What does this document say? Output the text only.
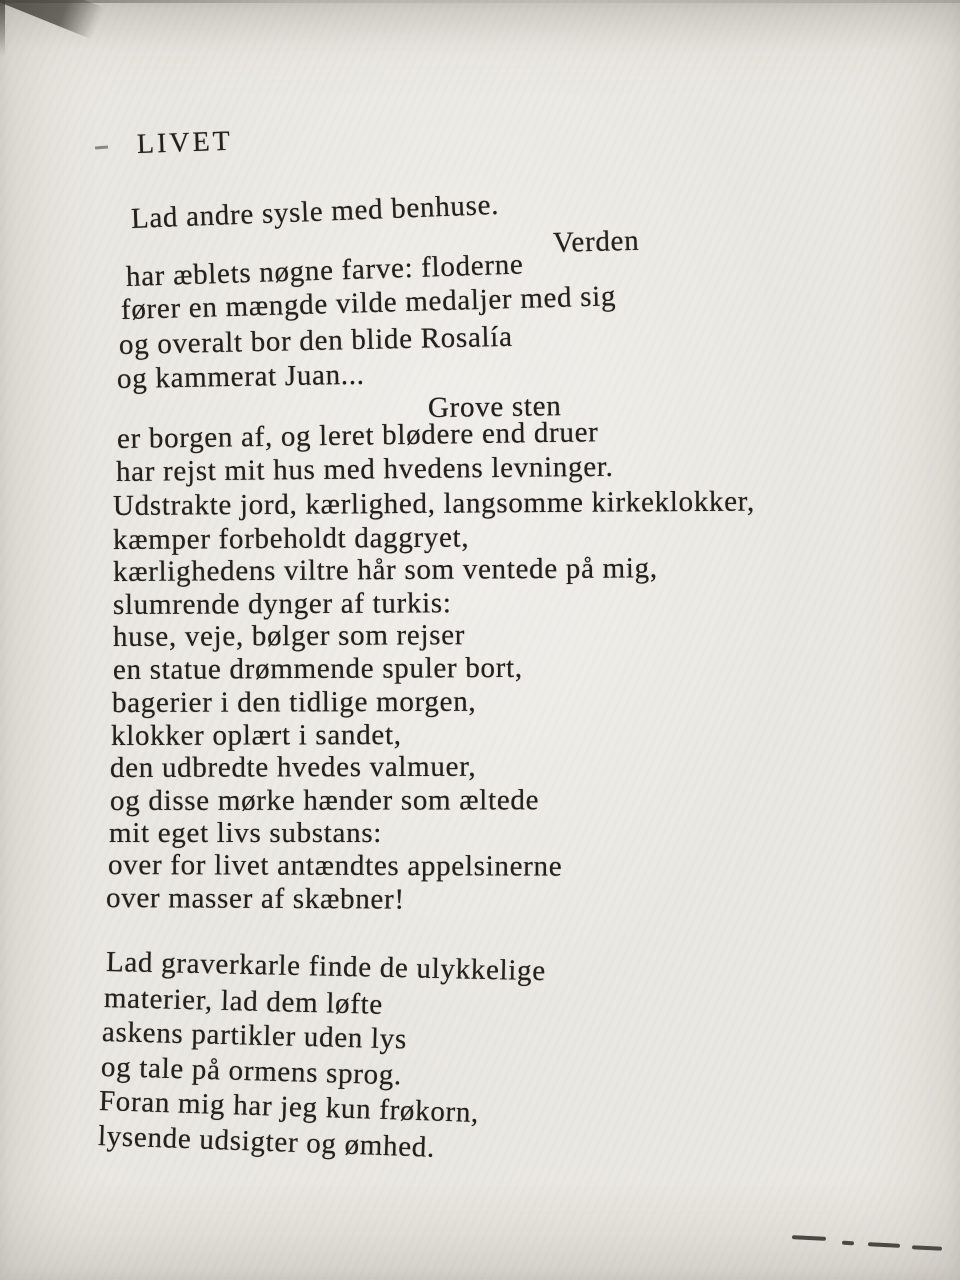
LIVET
Lad andre sysle med benhuse.
Verden
har æblets nøgne farve: floderne
fører en mængde vilde medaljer med sig
og overalt bor den blide Rosalía
og kammerat Juan...
Grove sten
er borgen af, og leret blødere end druer
har rejst mit hus med hvedens levninger.
Udstrakte jord, kærlighed, langsomme kirkeklokker,
kæmper forbeholdt daggryet,
kærlighedens viltre hår som ventede på mig,
slumrende dynger af turkis:
huse, veje, bølger som rejser
en statue drømmende spuler bort,
bagerier i den tidlige morgen,
klokker oplært i sandet,
den udbredte hvedes valmuer,
og disse mørke hænder som æltede
mit eget livs substans:
over for livet antændtes appelsinerne
over masser af skæbner!
Lad graverkarle finde de ulykkelige
materier, lad dem løfte
askens partikler uden lys
og tale på ormens sprog.
Foran mig har jeg kun frøkorn,
lysende udsigter og ømhed.
